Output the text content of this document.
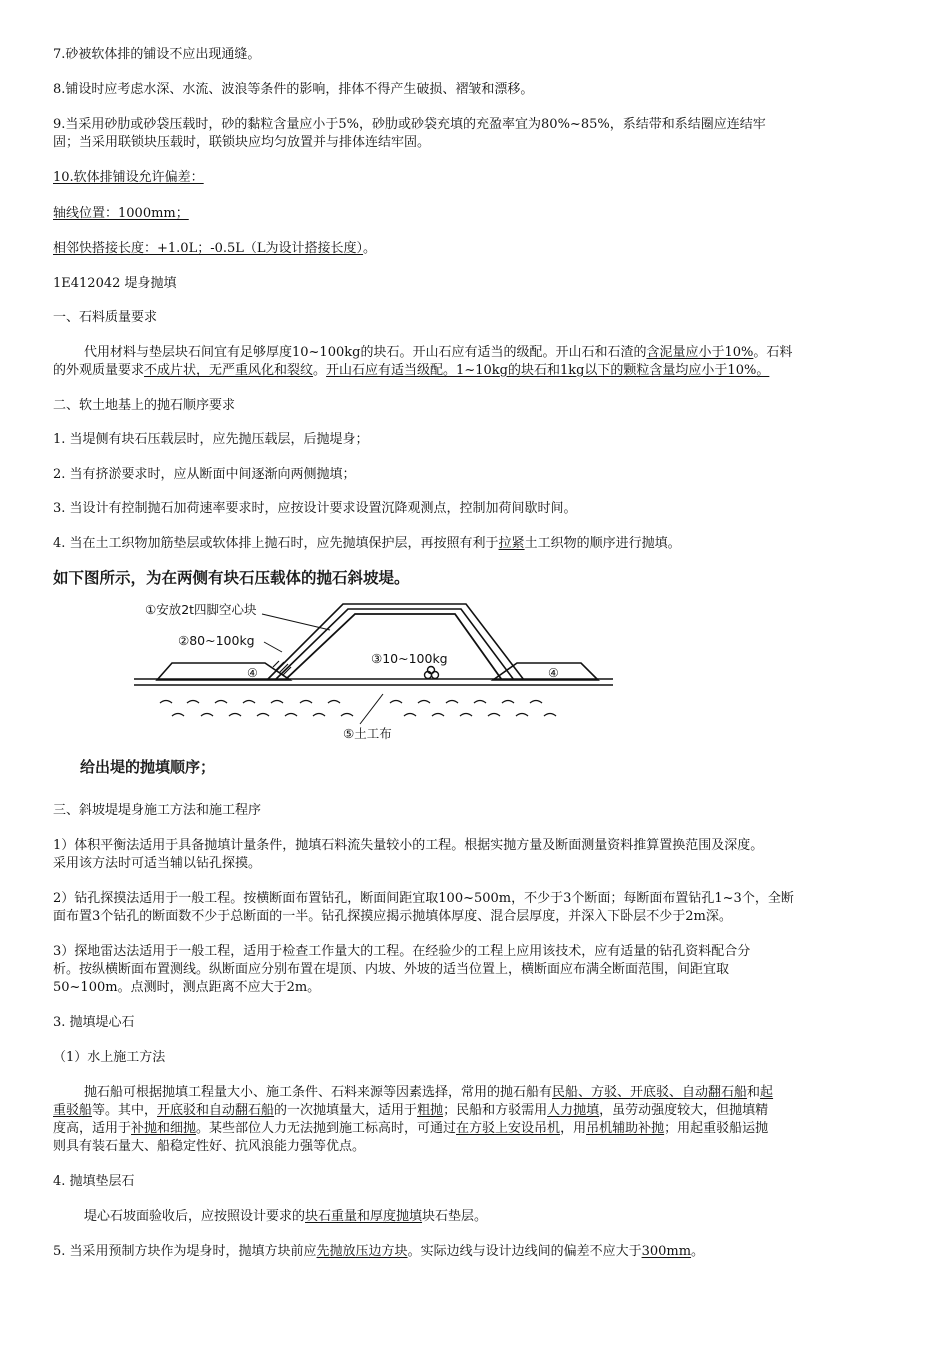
7.砂被软体排的铺设不应出现通缝。
8.铺设时应考虑水深、水流、波浪等条件的影响，排体不得产生破损、褶皱和漂移。
9.当采用砂肋或砂袋压载时，砂的黏粒含量应小于5%，砂肋或砂袋充填的充盈率宜为80%~85%，系结带和系结圈应连结牢
固；当采用联锁块压载时，联锁块应均匀放置并与排体连结牢固。
10.软体排铺设允许偏差：
轴线位置：1000mm；
相邻快搭接长度：+1.0L；-0.5L（L为设计搭接长度）。
1E412042 堤身抛填
一、石料质量要求
代用材料与垫层块石间宜有足够厚度10~100kg的块石。开山石应有适当的级配。开山石和石渣的含泥量应小于10%。石料
的外观质量要求不成片状，无严重风化和裂纹。开山石应有适当级配。1~10kg的块石和1kg以下的颗粒含量均应小于10%。
二、软土地基上的抛石顺序要求
1. 当堤侧有块石压载层时，应先抛压载层，后抛堤身；
2. 当有挤淤要求时，应从断面中间逐渐向两侧抛填；
3. 当设计有控制抛石加荷速率要求时，应按设计要求设置沉降观测点，控制加荷间歇时间。
4. 当在土工织物加筋垫层或软体排上抛石时，应先抛填保护层，再按照有利于拉紧土工织物的顺序进行抛填。
如下图所示，为在两侧有块石压载体的抛石斜坡堤。
①安放2t四脚空心块
②80~100kg
③10~100kg
④	④
⑤土工布
给出堤的抛填顺序；
三、斜坡堤堤身施工方法和施工程序
1）体积平衡法适用于具备抛填计量条件，抛填石料流失量较小的工程。根据实抛方量及断面测量资料推算置换范围及深度。
采用该方法时可适当辅以钻孔探摸。
2）钻孔探摸法适用于一般工程。按横断面布置钻孔，断面间距宜取100~500m，不少于3个断面；每断面布置钻孔1~3个，全断
面布置3个钻孔的断面数不少于总断面的一半。钻孔探摸应揭示抛填体厚度、混合层厚度，并深入下卧层不少于2m深。
3）探地雷达法适用于一般工程，适用于检查工作量大的工程。在经验少的工程上应用该技术，应有适量的钻孔资料配合分
析。按纵横断面布置测线。纵断面应分别布置在堤顶、内坡、外坡的适当位置上，横断面应布满全断面范围，间距宜取
50~100m。点测时，测点距离不应大于2m。
3. 抛填堤心石
（1）水上施工方法
抛石船可根据抛填工程量大小、施工条件、石料来源等因素选择，常用的抛石船有民船、方驳、开底驳、自动翻石船和起
重驳船等。其中，开底驳和自动翻石船的一次抛填量大，适用于粗抛；民船和方驳需用人力抛填，虽劳动强度较大，但抛填精
度高，适用于补抛和细抛。某些部位人力无法抛到施工标高时，可通过在方驳上安设吊机，用吊机辅助补抛；用起重驳船运抛
则具有装石量大、船稳定性好、抗风浪能力强等优点。
4. 抛填垫层石
堤心石坡面验收后，应按照设计要求的块石重量和厚度抛填块石垫层。
5. 当采用预制方块作为堤身时，抛填方块前应先抛放压边方块。实际边线与设计边线间的偏差不应大于300mm。
